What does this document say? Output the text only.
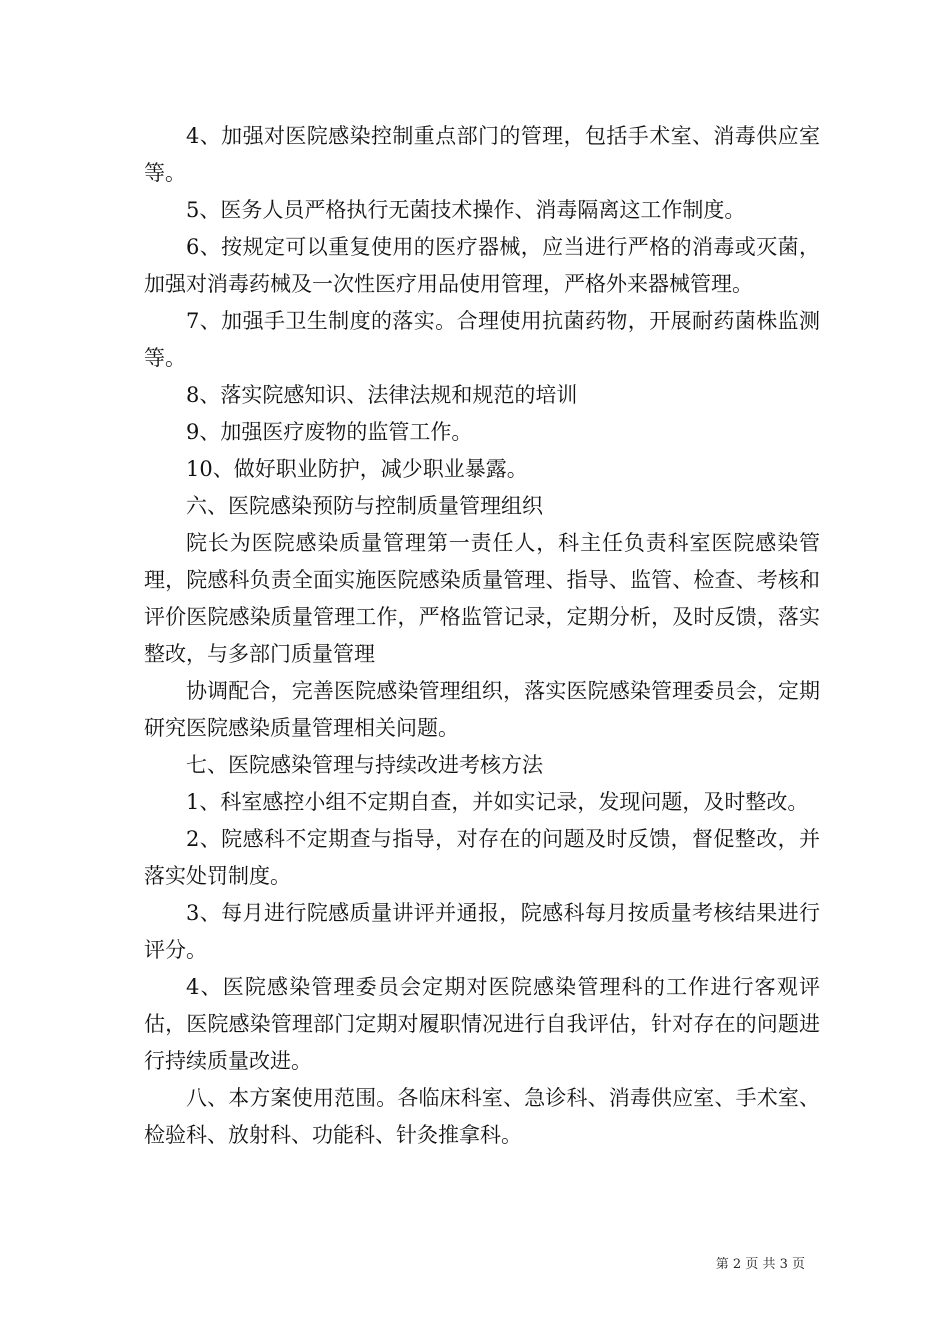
4、加强对医院感染控制重点部门的管理，包括手术室、消毒供应室等。

5、医务人员严格执行无菌技术操作、消毒隔离这工作制度。

6、按规定可以重复使用的医疗器械，应当进行严格的消毒或灭菌，加强对消毒药械及一次性医疗用品使用管理，严格外来器械管理。

7、加强手卫生制度的落实。合理使用抗菌药物，开展耐药菌株监测等。

8、落实院感知识、法律法规和规范的培训

9、加强医疗废物的监管工作。

10、做好职业防护，减少职业暴露。

六、医院感染预防与控制质量管理组织

院长为医院感染质量管理第一责任人，科主任负责科室医院感染管理，院感科负责全面实施医院感染质量管理、指导、监管、检查、考核和评价医院感染质量管理工作，严格监管记录，定期分析，及时反馈，落实整改，与多部门质量管理

协调配合，完善医院感染管理组织，落实医院感染管理委员会，定期研究医院感染质量管理相关问题。

七、医院感染管理与持续改进考核方法

1、科室感控小组不定期自查，并如实记录，发现问题，及时整改。

2、院感科不定期查与指导，对存在的问题及时反馈，督促整改，并落实处罚制度。

3、每月进行院感质量讲评并通报，院感科每月按质量考核结果进行评分。

4、医院感染管理委员会定期对医院感染管理科的工作进行客观评估，医院感染管理部门定期对履职情况进行自我评估，针对存在的问题进行持续质量改进。

八、本方案使用范围。各临床科室、急诊科、消毒供应室、手术室、检验科、放射科、功能科、针灸推拿科。

第 2 页 共 3 页
